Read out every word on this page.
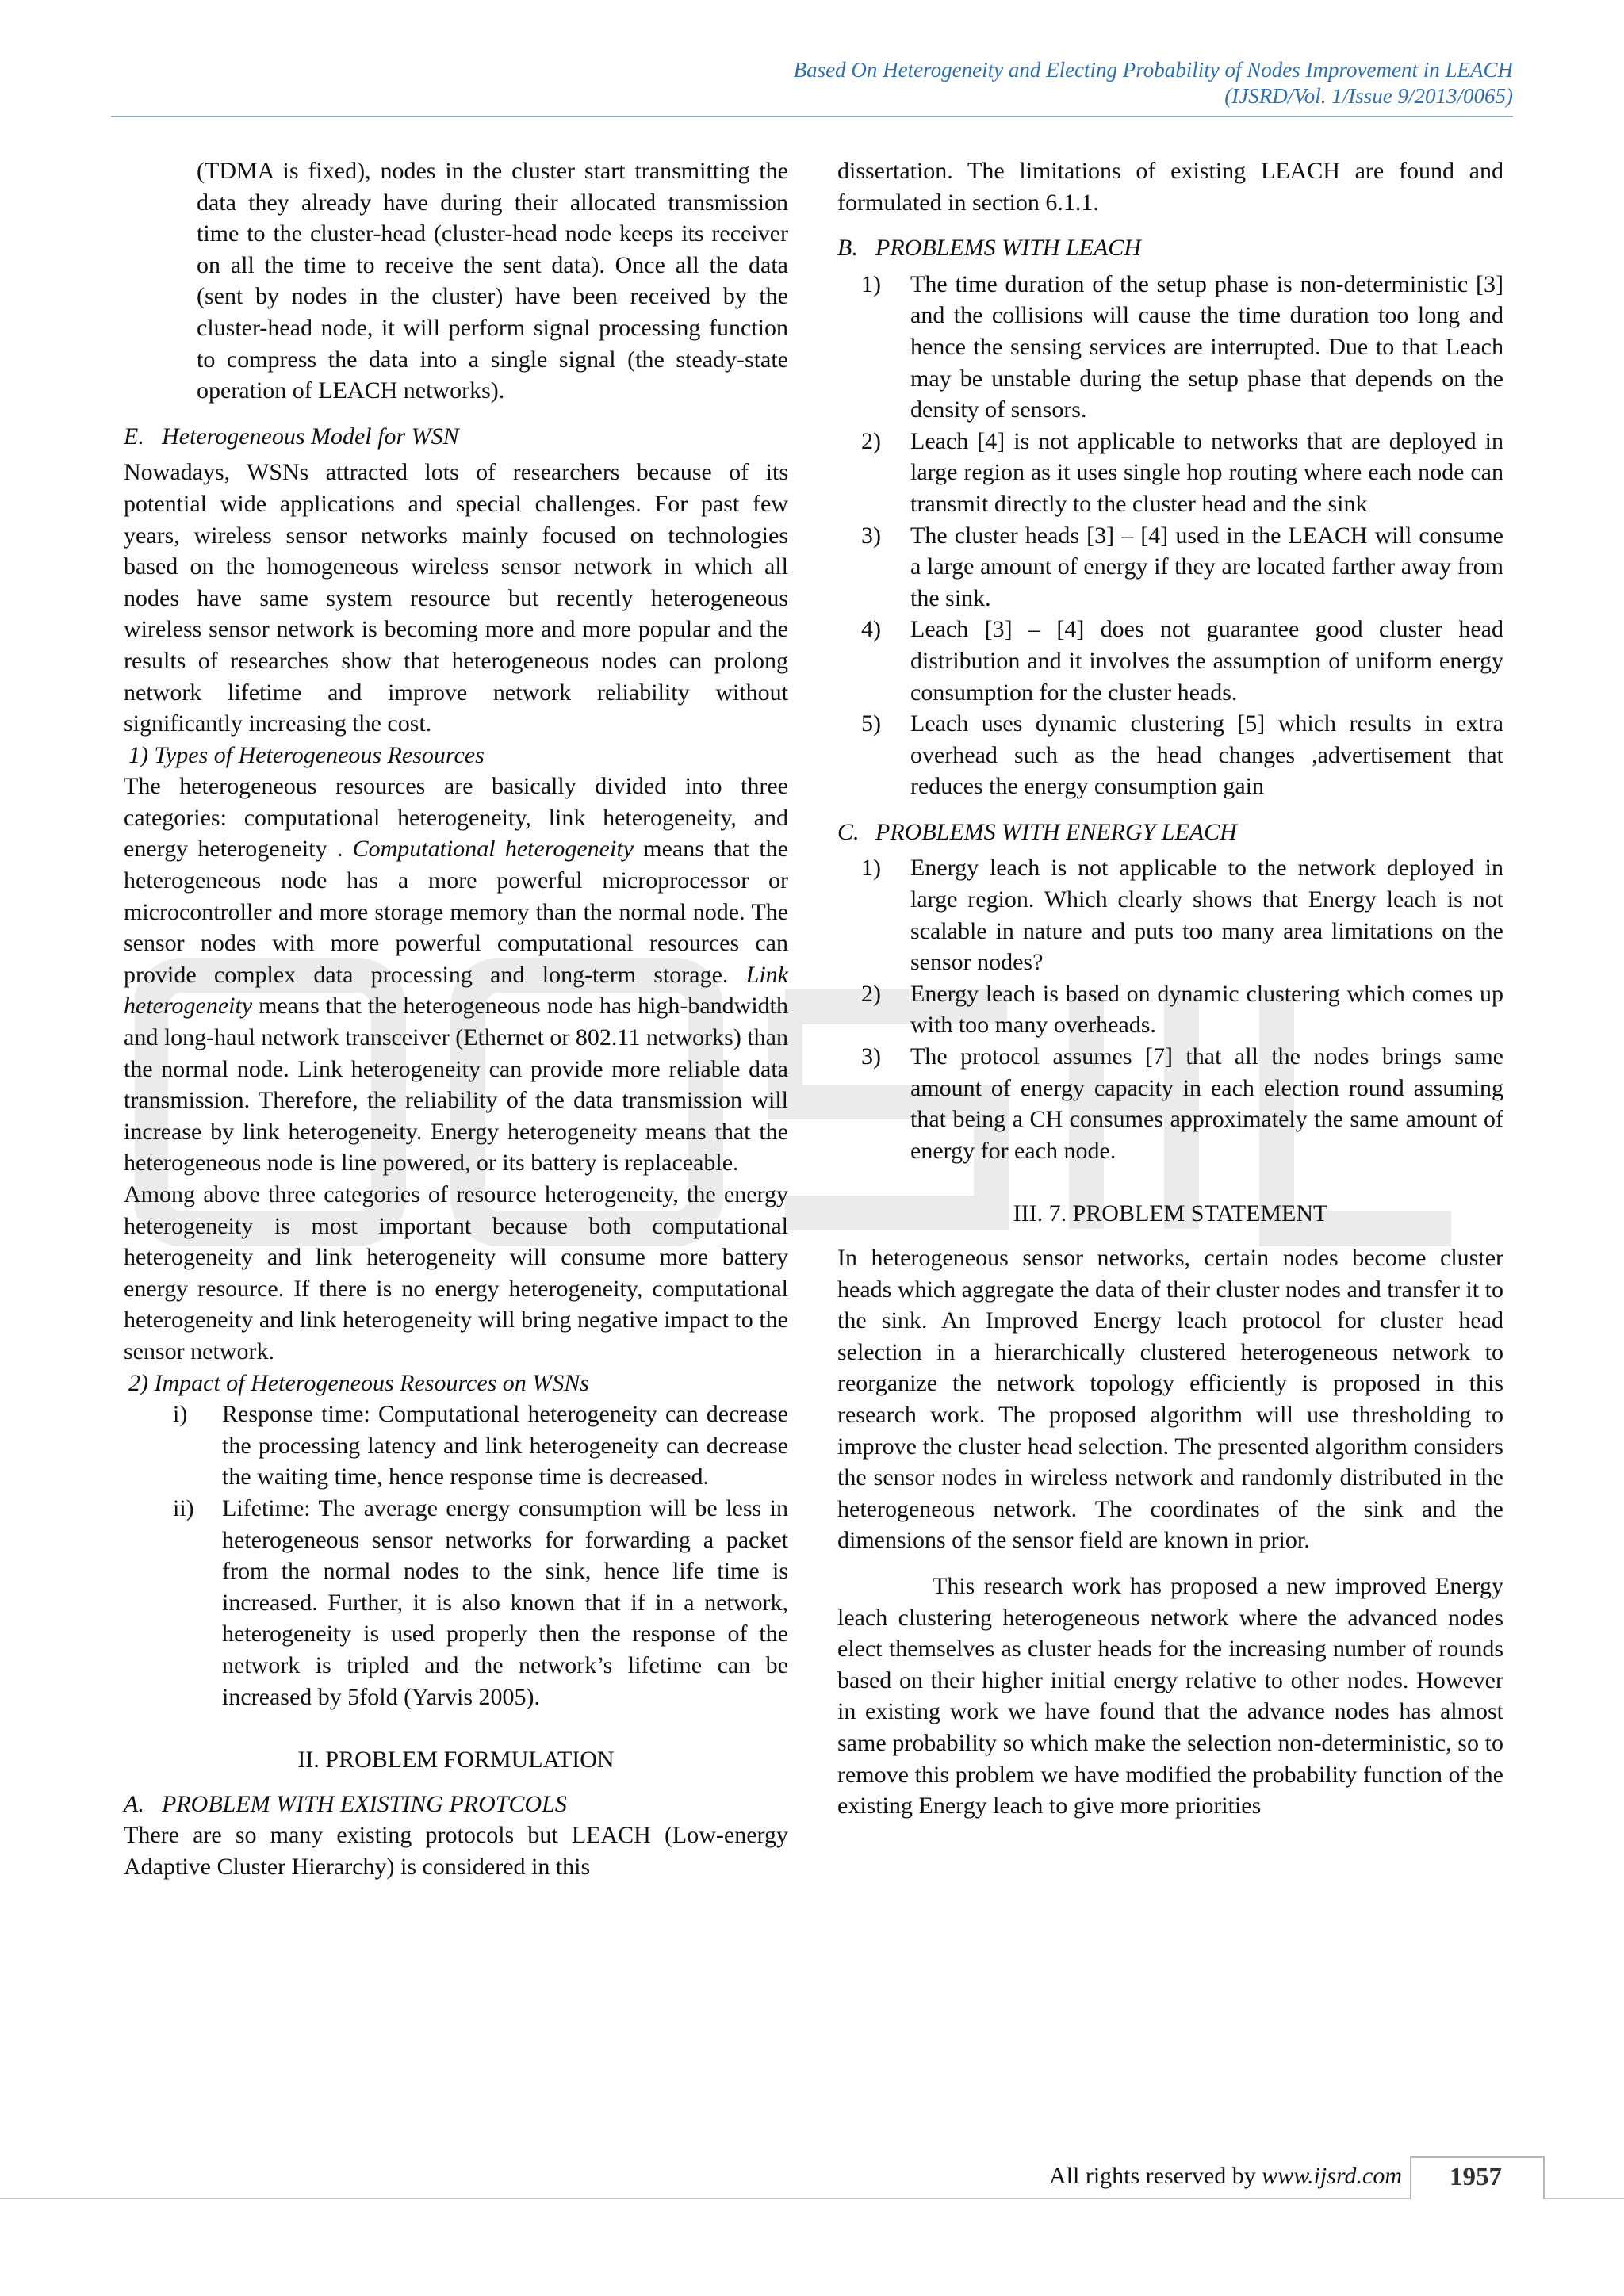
Based On Heterogeneity and Electing Probability of Nodes Improvement in LEACH
(IJSRD/Vol. 1/Issue 9/2013/0065)

(TDMA is fixed), nodes in the cluster start transmitting the data they already have during their allocated transmission time to the cluster-head (cluster-head node keeps its receiver on all the time to receive the sent data). Once all the data (sent by nodes in the cluster) have been received by the cluster-head node, it will perform signal processing function to compress the data into a single signal (the steady-state operation of LEACH networks).

E. Heterogeneous Model for WSN

Nowadays, WSNs attracted lots of researchers because of its potential wide applications and special challenges. For past few years, wireless sensor networks mainly focused on technologies based on the homogeneous wireless sensor network in which all nodes have same system resource but recently heterogeneous wireless sensor network is becoming more and more popular and the results of researches show that heterogeneous nodes can prolong network lifetime and improve network reliability without significantly increasing the cost.

1) Types of Heterogeneous Resources

The heterogeneous resources are basically divided into three categories: computational heterogeneity, link heterogeneity, and energy heterogeneity . Computational heterogeneity means that the heterogeneous node has a more powerful microprocessor or microcontroller and more storage memory than the normal node. The sensor nodes with more powerful computational resources can provide complex data processing and long-term storage. Link heterogeneity means that the heterogeneous node has high-bandwidth and long-haul network transceiver (Ethernet or 802.11 networks) than the normal node. Link heterogeneity can provide more reliable data transmission. Therefore, the reliability of the data transmission will increase by link heterogeneity. Energy heterogeneity means that the heterogeneous node is line powered, or its battery is replaceable.

Among above three categories of resource heterogeneity, the energy heterogeneity is most important because both computational heterogeneity and link heterogeneity will consume more battery energy resource. If there is no energy heterogeneity, computational heterogeneity and link heterogeneity will bring negative impact to the sensor network.

2) Impact of Heterogeneous Resources on WSNs
i) Response time: Computational heterogeneity can decrease the processing latency and link heterogeneity can decrease the waiting time, hence response time is decreased.
ii) Lifetime: The average energy consumption will be less in heterogeneous sensor networks for forwarding a packet from the normal nodes to the sink, hence life time is increased. Further, it is also known that if in a network, heterogeneity is used properly then the response of the network is tripled and the network’s lifetime can be increased by 5fold (Yarvis 2005).
II. PROBLEM FORMULATION
A. PROBLEM WITH EXISTING PROTCOLS

There are so many existing protocols but LEACH (Low-energy Adaptive Cluster Hierarchy) is considered in this

dissertation. The limitations of existing LEACH are found and formulated in section 6.1.1.

B. PROBLEMS WITH LEACH
1) The time duration of the setup phase is non-deterministic [3] and the collisions will cause the time duration too long and hence the sensing services are interrupted. Due to that Leach may be unstable during the setup phase that depends on the density of sensors.
2) Leach [4] is not applicable to networks that are deployed in large region as it uses single hop routing where each node can transmit directly to the cluster head and the sink
3) The cluster heads [3] – [4] used in the LEACH will consume a large amount of energy if they are located farther away from the sink.
4) Leach [3] – [4] does not guarantee good cluster head distribution and it involves the assumption of uniform energy consumption for the cluster heads.
5) Leach uses dynamic clustering [5] which results in extra overhead such as the head changes ,advertisement that reduces the energy consumption gain
C. PROBLEMS WITH ENERGY LEACH
1) Energy leach is not applicable to the network deployed in large region. Which clearly shows that Energy leach is not scalable in nature and puts too many area limitations on the sensor nodes?
2) Energy leach is based on dynamic clustering which comes up with too many overheads.
3) The protocol assumes [7] that all the nodes brings same amount of energy capacity in each election round assuming that being a CH consumes approximately the same amount of energy for each node.
III. 7. PROBLEM STATEMENT

In heterogeneous sensor networks, certain nodes become cluster heads which aggregate the data of their cluster nodes and transfer it to the sink. An Improved Energy leach protocol for cluster head selection in a hierarchically clustered heterogeneous network to reorganize the network topology efficiently is proposed in this research work. The proposed algorithm will use thresholding to improve the cluster head selection. The presented algorithm considers the sensor nodes in wireless network and randomly distributed in the heterogeneous network. The coordinates of the sink and the dimensions of the sensor field are known in prior.

This research work has proposed a new improved Energy leach clustering heterogeneous network where the advanced nodes elect themselves as cluster heads for the increasing number of rounds based on their higher initial energy relative to other nodes. However in existing work we have found that the advance nodes has almost same probability so which make the selection non-deterministic, so to remove this problem we have modified the probability function of the existing Energy leach to give more priorities

All rights reserved by www.ijsrd.com	1957
